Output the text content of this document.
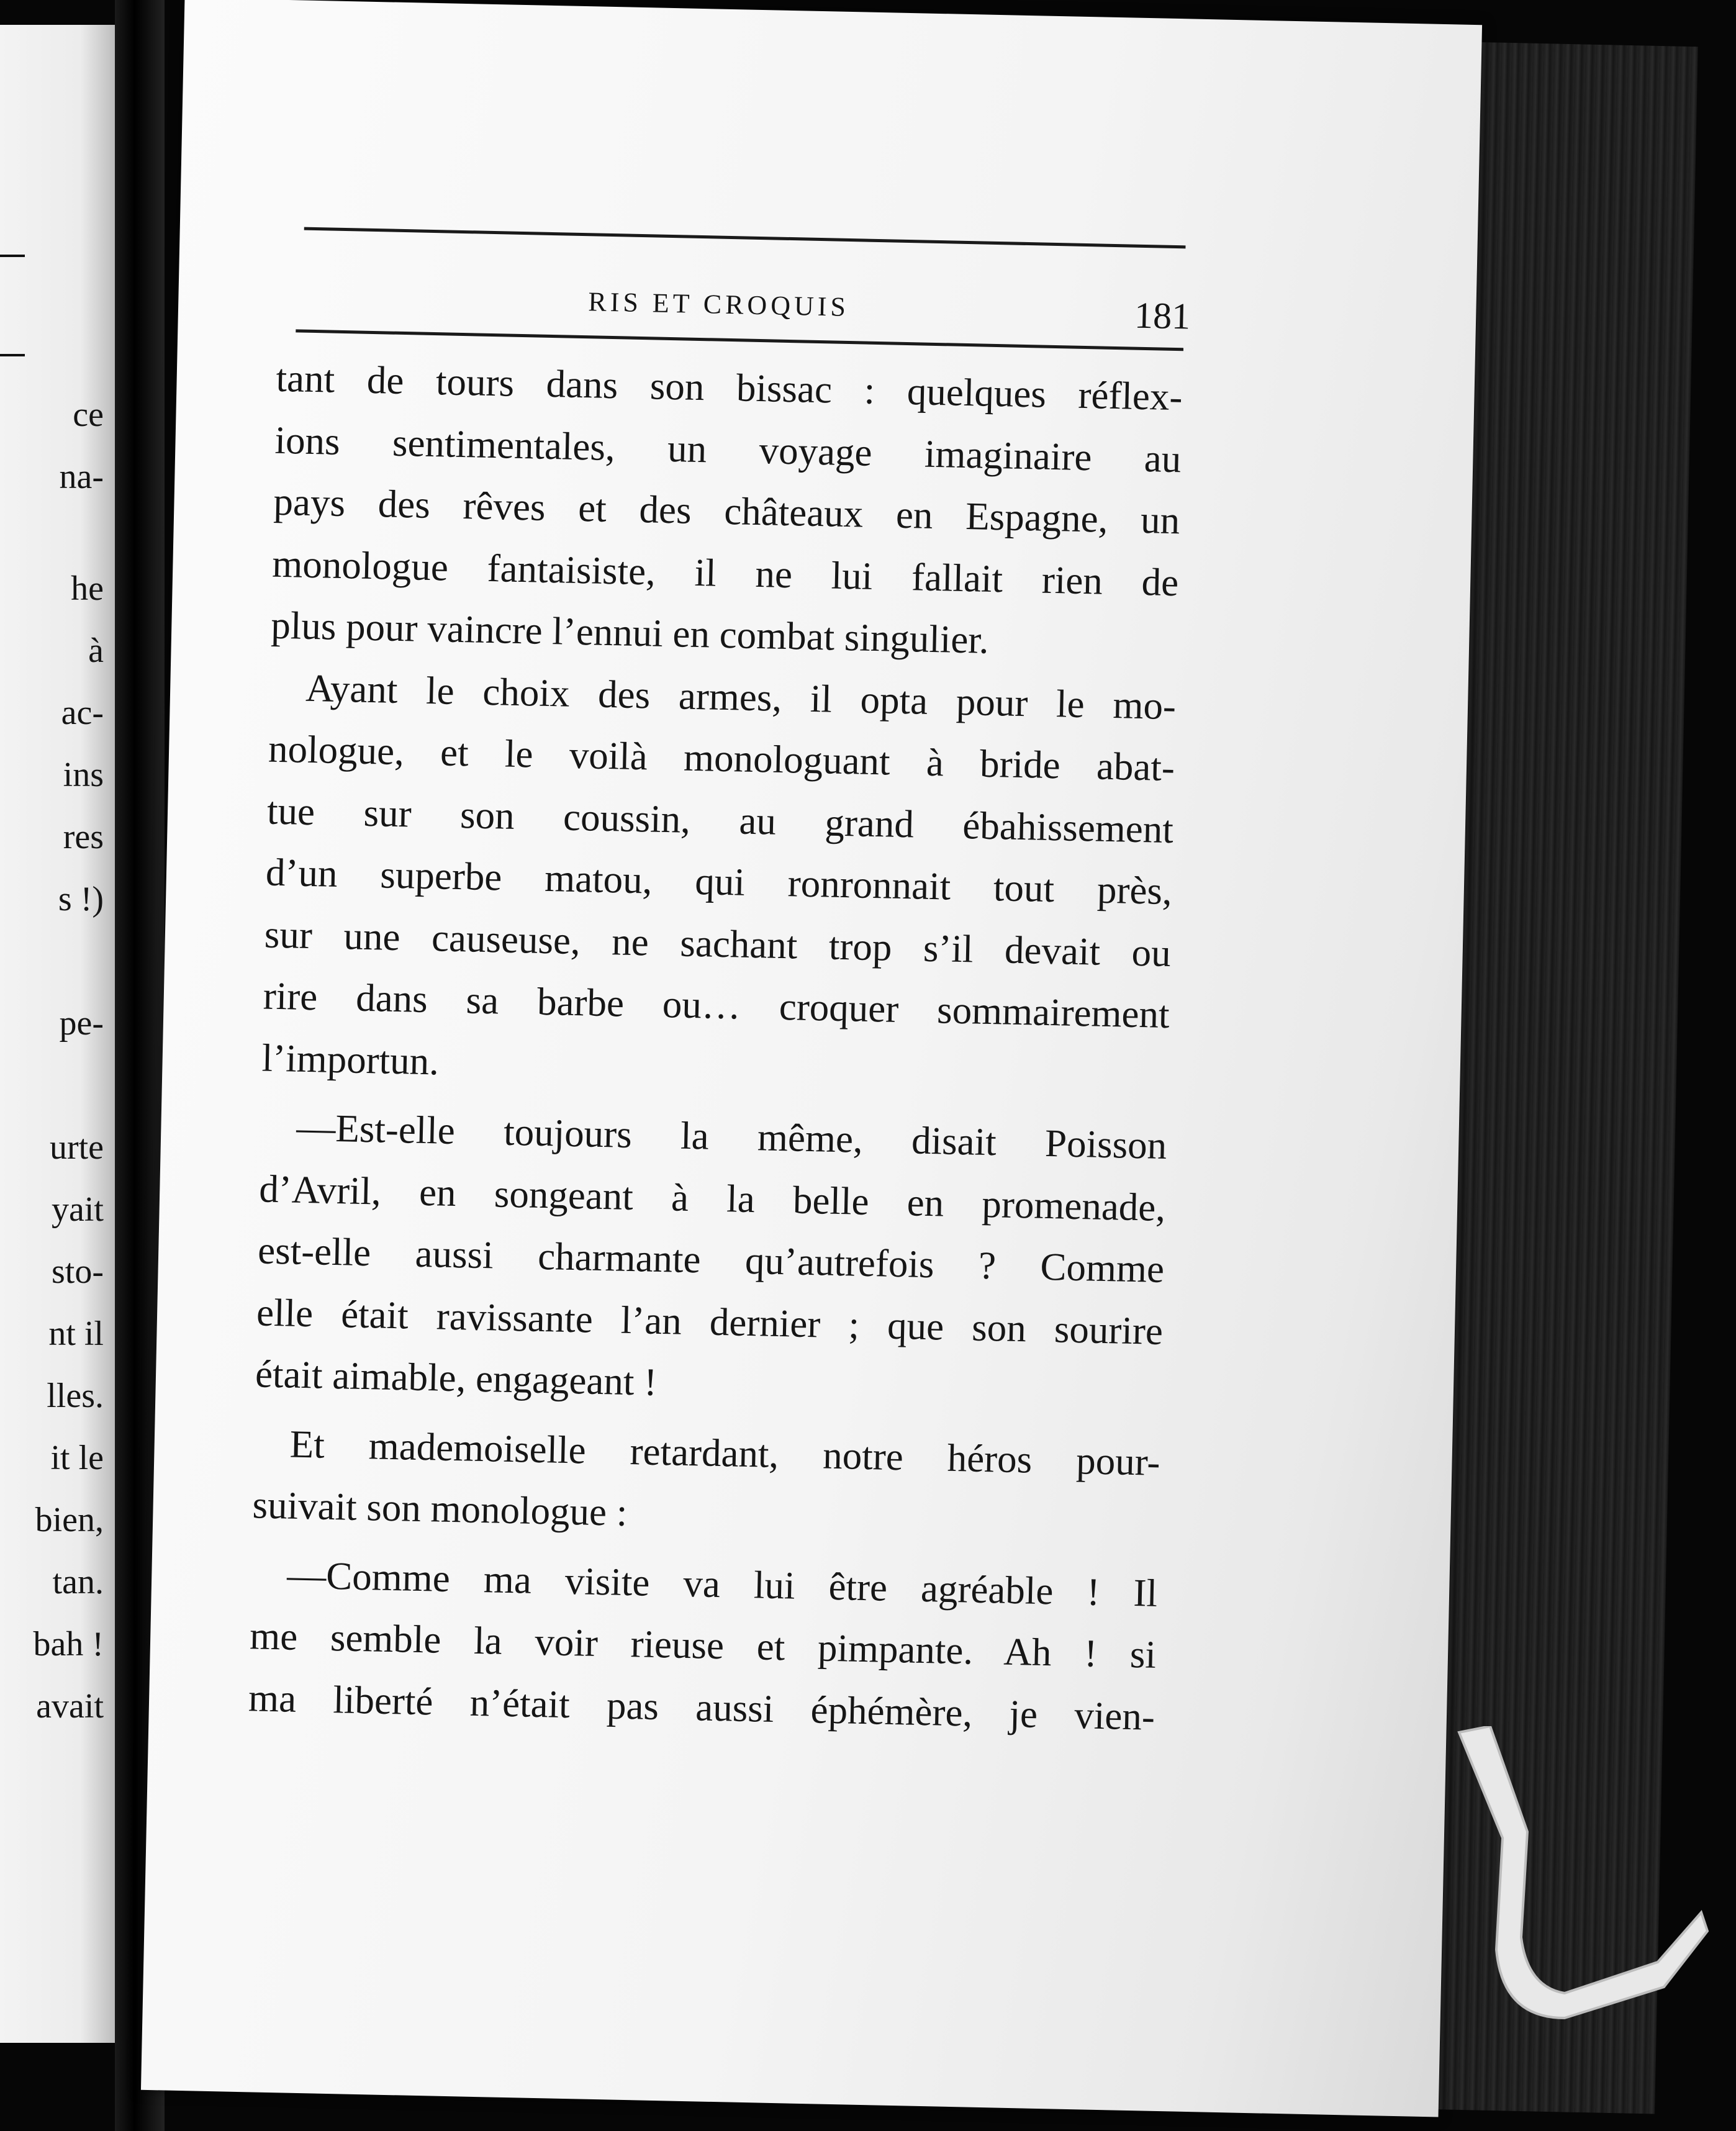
ce
na-
he
à
ac-
ins
res
s !)
pe-
urte
yait
sto-
nt il
lles.
it le
bien,
tan.
bah !
avait
RIS ET CROQUIS	181
tant de tours dans son bissac : quelques réflex-
ions sentimentales, un voyage imaginaire au
pays des rêves et des châteaux en Espagne, un
monologue fantaisiste, il ne lui fallait rien de
plus pour vaincre l’ennui en combat singulier.
Ayant le choix des armes, il opta pour le mo-
nologue, et le voilà monologuant à bride abat-
tue sur son coussin, au grand ébahissement
d’un superbe matou, qui ronronnait tout près,
sur une causeuse, ne sachant trop s’il devait ou
rire dans sa barbe ou… croquer sommairement
l’importun.
—Est-elle toujours la même, disait Poisson
d’Avril, en songeant à la belle en promenade,
est-elle aussi charmante qu’autrefois ? Comme
elle était ravissante l’an dernier ; que son sourire
était aimable, engageant !
Et mademoiselle retardant, notre héros pour-
suivait son monologue :
—Comme ma visite va lui être agréable ! Il
me semble la voir rieuse et pimpante. Ah ! si
ma liberté n’était pas aussi éphémère, je vien-
